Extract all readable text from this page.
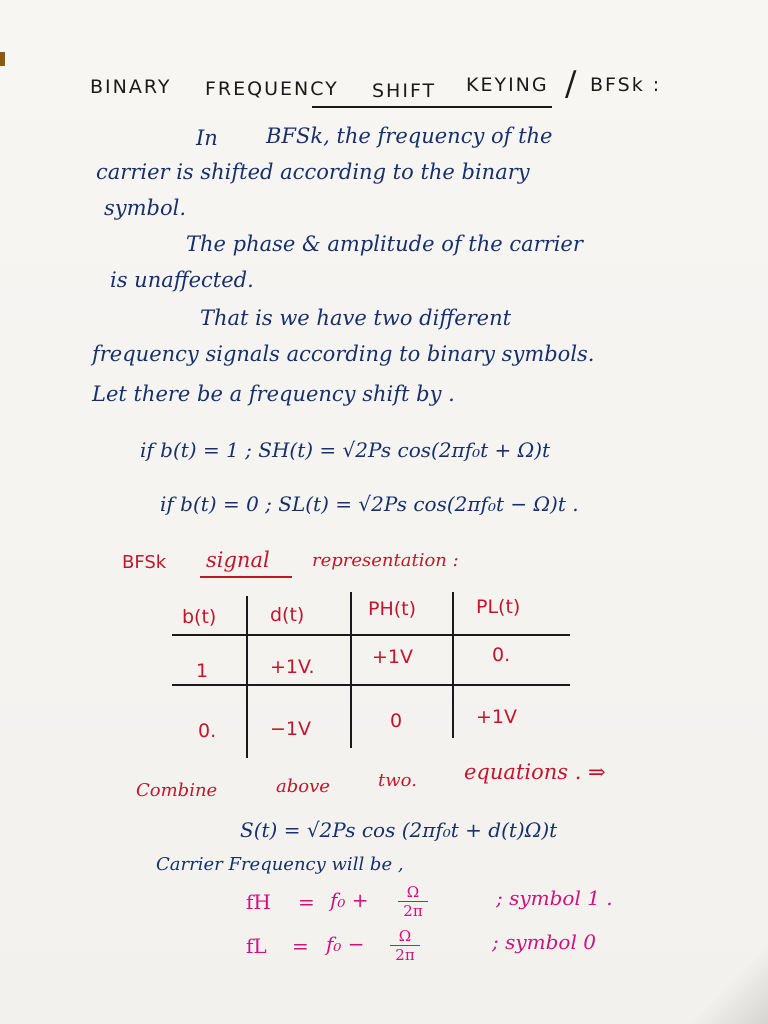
BINARY FREQUENCY SHIFT KEYING / BFSk :
In BFSk, the frequency of the
carrier is shifted according to the binary
symbol.
The phase & amplitude of the carrier
is unaffected.
That is we have two different
frequency signals according to binary symbols.
Let there be a frequency shift by .
if b(t) = 1 ; SH(t) = √2Ps cos(2πf₀t + Ω)t
if b(t) = 0 ; SL(t) = √2Ps cos(2πf₀t − Ω)t .
BFSk signal representation :
b(t)	d(t)	PH(t)	PL(t)
1	+1V.	+1V	0.
0.	−1V	0	+1V
Combine	above	two. equations . ⇒
S(t) = √2Ps cos (2πf₀t + d(t)Ω)t
Carrier Frequency will be ,
fH = f₀ +	Ω
2π
; symbol 1 .
fL = f₀ −	Ω
2π
; symbol 0
